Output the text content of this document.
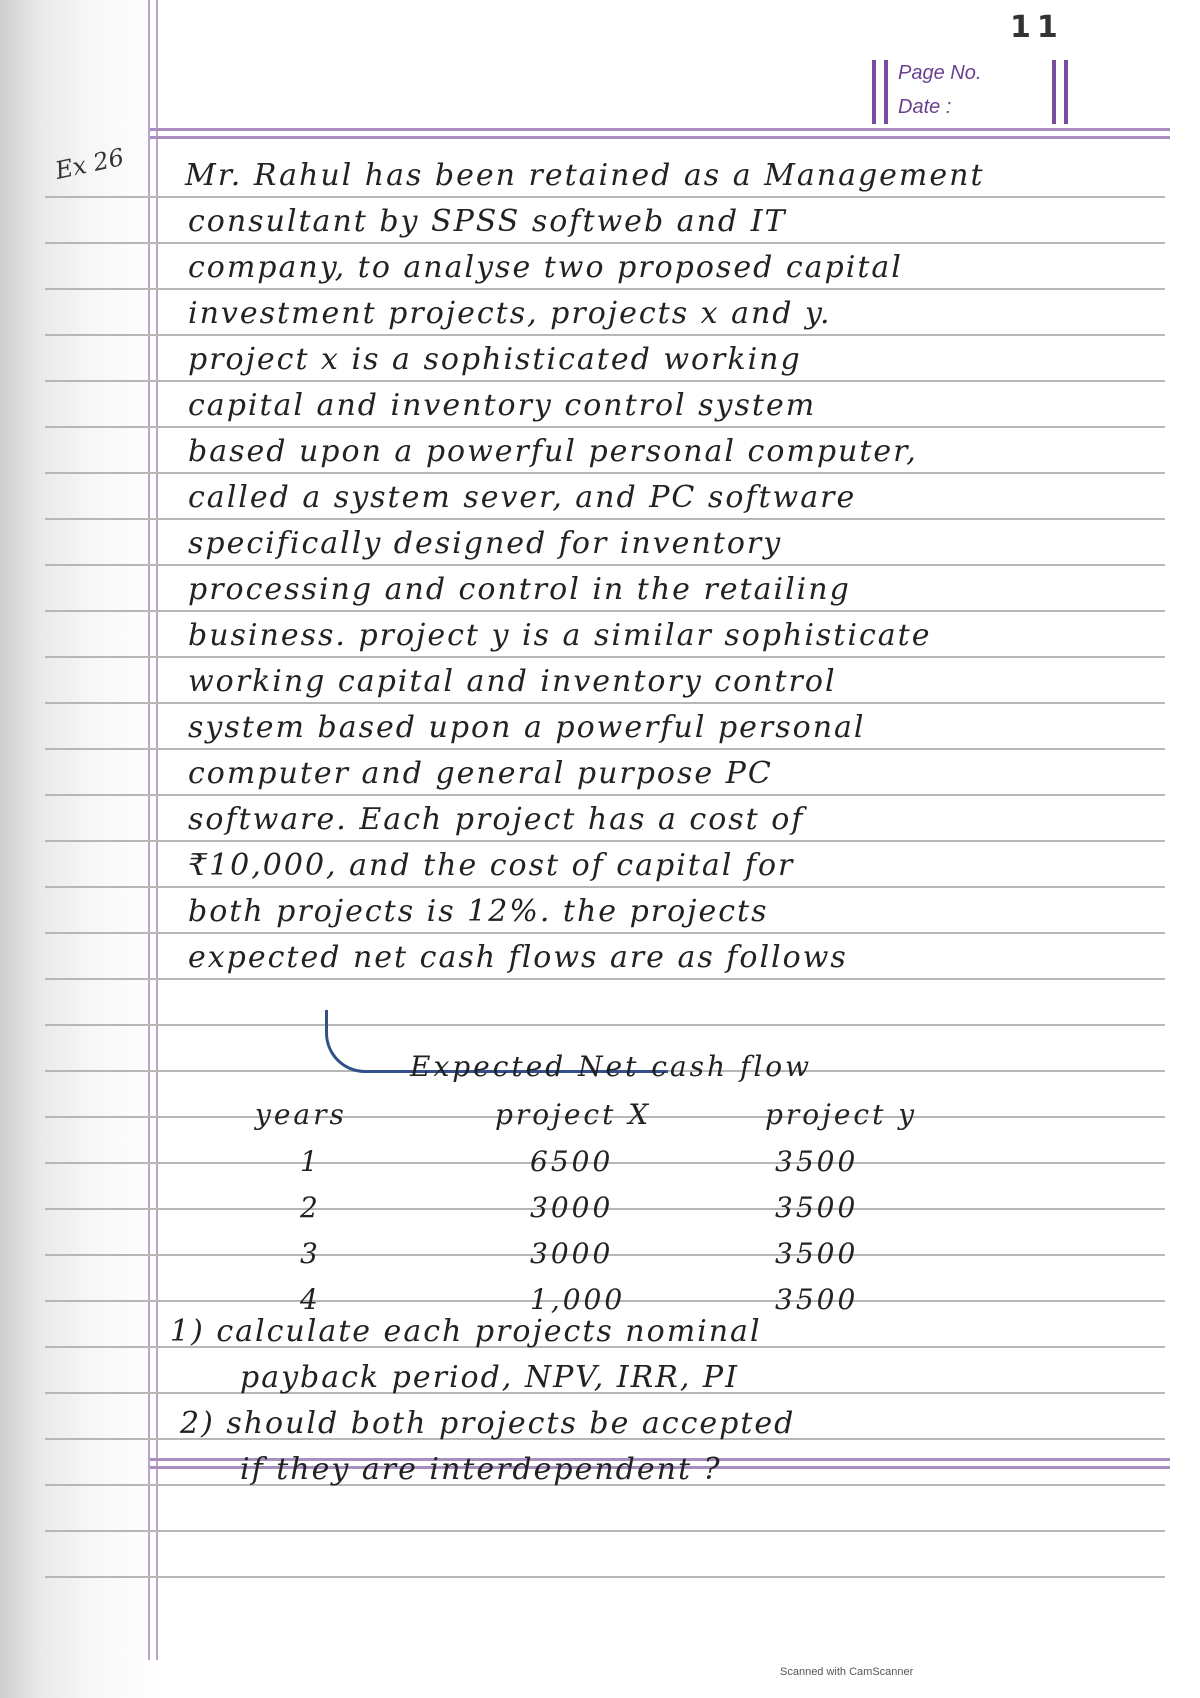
11
Page No.
Date :
Ex 26 Mr. Rahul has been retained as a Management
consultant by SPSS softweb and IT
company, to analyse two proposed capital
investment projects, projects x and y.
project x is a sophisticated working
capital and inventory control system
based upon a powerful personal computer,
called a system sever, and PC software
specifically designed for inventory
processing and control in the retailing
business. project y is a similar sophisticate
working capital and inventory control
system based upon a powerful personal
computer and general purpose PC
software. Each project has a cost of
₹10,000, and the cost of capital for
both projects is 12%. the projects
expected net cash flows are as follows
Expected Net cash flow
years	project X	project y
1	6500	3500
2	3000	3500
3	3000	3500
4	1,000	3500
1) calculate each projects nominal
payback period, NPV, IRR, PI
2) should both projects be accepted
if they are interdependent ?
Scanned with CamScanner
